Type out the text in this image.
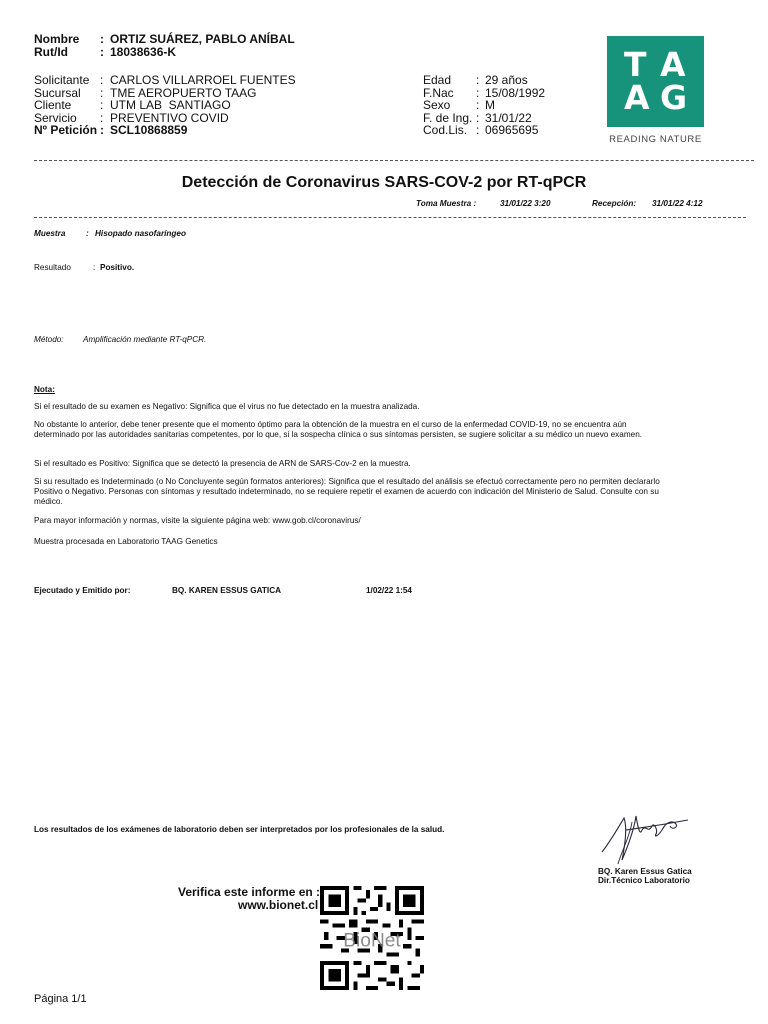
Nombre : ORTIZ SUÁREZ, PABLO ANÍBAL
Rut/Id	: 18038636-K
Solicitante : CARLOS VILLARROEL FUENTES
Sucursal : TME AEROPUERTO TAAG
Cliente : UTM LAB  SANTIAGO
Servicio : PREVENTIVO COVID
Nº Petición : SCL10868859
Edad : 29 años
F.Nac : 15/08/1992
Sexo : M
F. de Ing. : 31/01/22
Cod.Lis. : 06965695
T A
A G
READING NATURE
Detección de Coronavirus SARS-COV-2 por RT-qPCR
Toma Muestra :	31/01/22 3:20	Recepción: 31/01/22 4:12
Muestra	: Hisopado nasofaríngeo
Resultado	: Positivo.
Método: Amplificación mediante RT-qPCR.
Nota:
Si el resultado de su examen es Negativo: Significa que el virus no fue detectado en la muestra analizada.
No obstante lo anterior, debe tener presente que el momento óptimo para la obtención de la muestra en el curso de la enfermedad COVID-19, no se encuentra aún determinado por las autoridades sanitarias competentes, por lo que, si la sospecha clínica o sus síntomas persisten, se sugiere solicitar a su médico un nuevo examen.
Si el resultado es Positivo: Significa que se detectó la presencia de ARN de SARS-Cov-2 en la muestra.
Si su resultado es Indeterminado (o No Concluyente según formatos anteriores): Significa que el resultado del análisis se efectuó correctamente pero no permiten declararlo Positivo o Negativo. Personas con síntomas y resultado indeterminado, no se requiere repetir el examen de acuerdo con indicación del Ministerio de Salud. Consulte con su médico.
Para mayor información y normas, visite la siguiente página web: www.gob.cl/coronavirus/
Muestra procesada en Laboratorio TAAG Genetics
Ejecutado y Emitido por:	BQ. KAREN ESSUS GATICA	1/02/22 1:54
Los resultados de los exámenes de laboratorio deben ser interpretados por los profesionales de la salud.
BQ. Karen Essus Gatica
Dir.Técnico Laboratorio
Verifica este informe en :
www.bionet.cl
BioNet
Página 1/1
